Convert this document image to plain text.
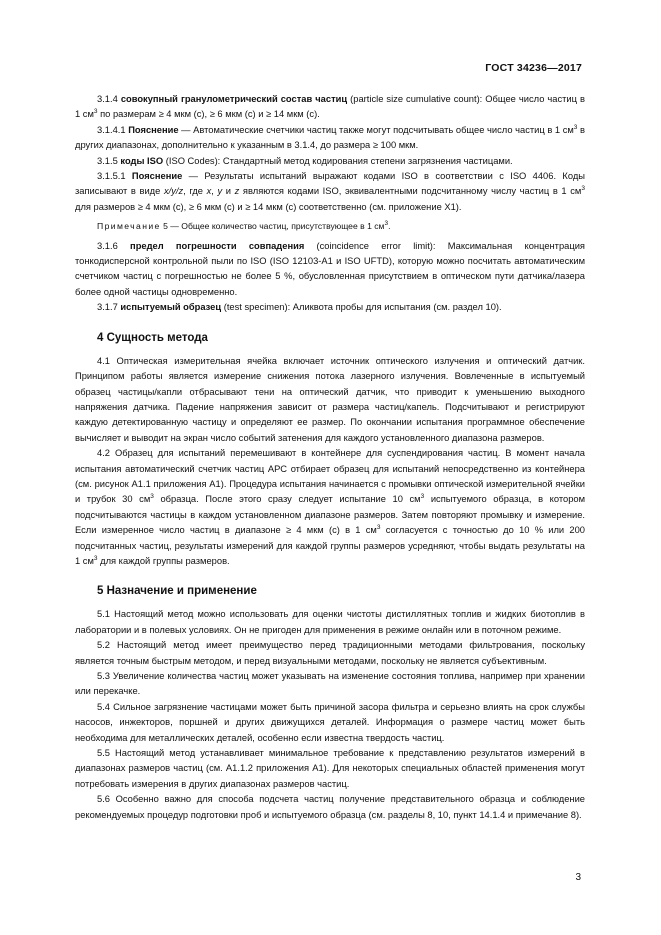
ГОСТ 34236—2017

3.1.4 совокупный гранулометрический состав частиц (particle size cumulative count): Общее число частиц в 1 $см^3$ по размерам ≥ 4 мкм (с), ≥ 6 мкм (с) и ≥ 14 мкм (с).

3.1.4.1 Пояснение — Автоматические счетчики частиц также могут подсчитывать общее число частиц в 1 $см^3$ в других диапазонах, дополнительно к указанным в 3.1.4, до размера ≥ 100 мкм.

3.1.5 коды ISO (ISO Codes): Стандартный метод кодирования степени загрязнения частицами.

3.1.5.1 Пояснение — Результаты испытаний выражают кодами ISO в соответствии с ISO 4406. Коды записывают в виде x/y/z, где x, y и z являются кодами ISO, эквивалентными подсчитанному числу частиц в 1 $см^3$ для размеров ≥ 4 мкм (с), ≥ 6 мкм (с) и ≥ 14 мкм (с) соответственно (см. приложение Х1).

Примечание 5 — Общее количество частиц, присутствующее в 1 $см^3$.

3.1.6 предел погрешности совпадения (coincidence error limit): Максимальная концентрация тонкодисперсной контрольной пыли по ISO (ISO 12103-A1 и ISO UFTD), которую можно посчитать автоматическим счетчиком частиц с погрешностью не более 5 %, обусловленная присутствием в оптическом пути датчика/лазера более одной частицы одновременно.

3.1.7 испытуемый образец (test specimen): Аликвота пробы для испытания (см. раздел 10).

4 Сущность метода

4.1 Оптическая измерительная ячейка включает источник оптического излучения и оптический датчик. Принципом работы является измерение снижения потока лазерного излучения. Вовлеченные в испытуемый образец частицы/капли отбрасывают тени на оптический датчик, что приводит к уменьшению выходного напряжения датчика. Падение напряжения зависит от размера частиц/капель. Подсчитывают и регистрируют каждую детектированную частицу и определяют ее размер. По окончании испытания программное обеспечение вычисляет и выводит на экран число событий затенения для каждого установленного диапазона размеров.

4.2 Образец для испытаний перемешивают в контейнере для суспендирования частиц. В момент начала испытания автоматический счетчик частиц АРС отбирает образец для испытаний непосредственно из контейнера (см. рисунок А1.1 приложения А1). Процедура испытания начинается с промывки оптической измерительной ячейки и трубок 30 $см^3$ образца. После этого сразу следует испытание 10 $см^3$ испытуемого образца, в котором подсчитываются частицы в каждом установленном диапазоне размеров. Затем повторяют промывку и измерение. Если измеренное число частиц в диапазоне ≥ 4 мкм (с) в 1 $см^3$ согласуется с точностью до 10 % или 200 подсчитанных частиц, результаты измерений для каждой группы размеров усредняют, чтобы выдать результаты на 1 $см^3$ для каждой группы размеров.

5 Назначение и применение

5.1 Настоящий метод можно использовать для оценки чистоты дистиллятных топлив и жидких биотоплив в лаборатории и в полевых условиях. Он не пригоден для применения в режиме онлайн или в поточном режиме.

5.2 Настоящий метод имеет преимущество перед традиционными методами фильтрования, поскольку является точным быстрым методом, и перед визуальными методами, поскольку не является субъективным.

5.3 Увеличение количества частиц может указывать на изменение состояния топлива, например при хранении или перекачке.

5.4 Сильное загрязнение частицами может быть причиной засора фильтра и серьезно влиять на срок службы насосов, инжекторов, поршней и других движущихся деталей. Информация о размере частиц может быть необходима для металлических деталей, особенно если известна твердость частиц.

5.5 Настоящий метод устанавливает минимальное требование к представлению результатов измерений в диапазонах размеров частиц (см. А1.1.2 приложения А1). Для некоторых специальных областей применения могут потребовать измерения в других диапазонах размеров частиц.

5.6 Особенно важно для способа подсчета частиц получение представительного образца и соблюдение рекомендуемых процедур подготовки проб и испытуемого образца (см. разделы 8, 10, пункт 14.1.4 и примечание 8).

3
